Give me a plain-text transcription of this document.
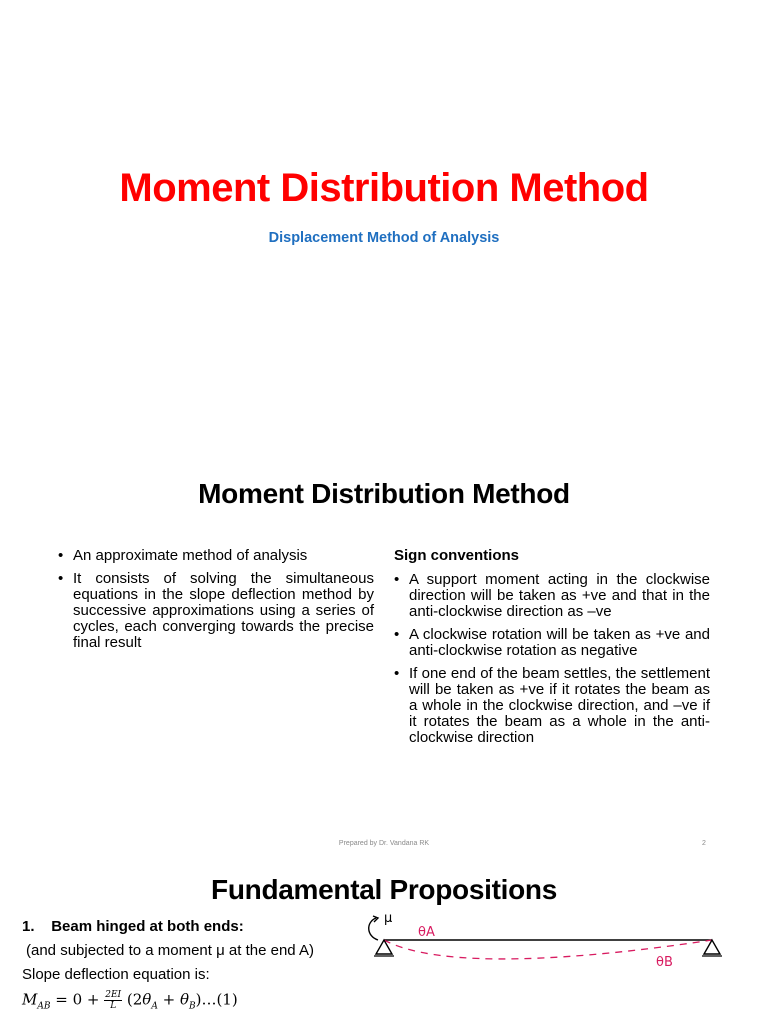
Moment Distribution Method
Displacement Method of Analysis
Moment Distribution Method
• An approximate method of analysis
• It consists of solving the simultaneous equations in the slope deflection method by successive approximations using a series of cycles, each converging towards the precise final result
Sign conventions
• A support moment acting in the clockwise direction will be taken as +ve and that in the anti-clockwise direction as –ve
• A clockwise rotation will be taken as +ve and anti-clockwise rotation as negative
• If one end of the beam settles, the settlement will be taken as +ve if it rotates the beam as a whole in the clockwise direction, and –ve if it rotates the beam as a whole in the anti-clockwise direction
Prepared by Dr. Vandana RK	2
Fundamental Propositions
1. Beam hinged at both ends:
(and subjected to a moment μ at the end A)
Slope deflection equation is:
$M_{AB} = 0 + \frac{2EI}{L} (2\theta_A$ + $\theta_B)\dots(1)$
μ
θA
θB
